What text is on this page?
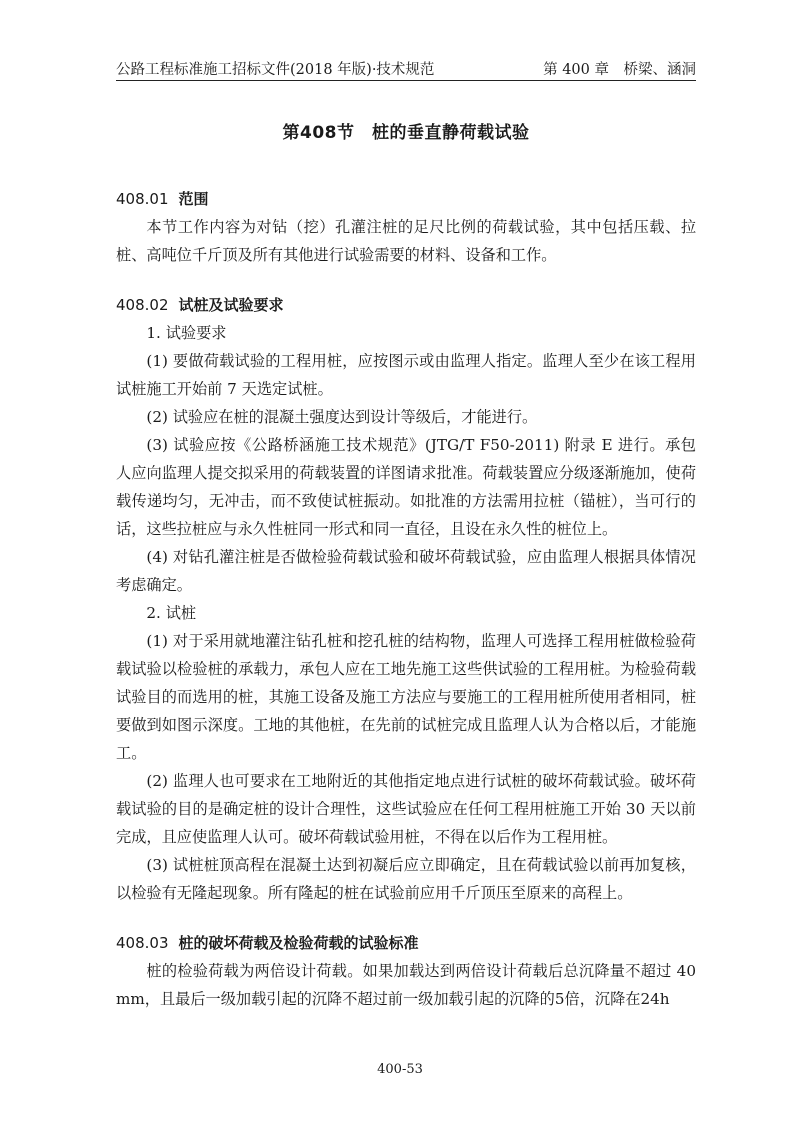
公路工程标准施工招标文件(2018 年版)·技术规范	第 400 章　桥梁、涵洞
第408节　桩的垂直静荷载试验
408.01 范围

本节工作内容为对钻（挖）孔灌注桩的足尺比例的荷载试验，其中包括压载、拉桩、高吨位千斤顶及所有其他进行试验需要的材料、设备和工作。

408.02 试桩及试验要求

1. 试验要求

(1) 要做荷载试验的工程用桩，应按图示或由监理人指定。监理人至少在该工程用试桩施工开始前 7 天选定试桩。

(2) 试验应在桩的混凝土强度达到设计等级后，才能进行。

(3) 试验应按《公路桥涵施工技术规范》(JTG/T F50-2011) 附录 E 进行。承包人应向监理人提交拟采用的荷载装置的详图请求批准。荷载装置应分级逐渐施加，使荷载传递均匀，无冲击，而不致使试桩振动。如批准的方法需用拉桩（锚桩），当可行的话，这些拉桩应与永久性桩同一形式和同一直径，且设在永久性的桩位上。

(4) 对钻孔灌注桩是否做检验荷载试验和破坏荷载试验，应由监理人根据具体情况考虑确定。

2. 试桩

(1) 对于采用就地灌注钻孔桩和挖孔桩的结构物，监理人可选择工程用桩做检验荷载试验以检验桩的承载力，承包人应在工地先施工这些供试验的工程用桩。为检验荷载试验目的而选用的桩，其施工设备及施工方法应与要施工的工程用桩所使用者相同，桩要做到如图示深度。工地的其他桩，在先前的试桩完成且监理人认为合格以后，才能施工。

(2) 监理人也可要求在工地附近的其他指定地点进行试桩的破坏荷载试验。破坏荷载试验的目的是确定桩的设计合理性，这些试验应在任何工程用桩施工开始 30 天以前完成，且应使监理人认可。破坏荷载试验用桩，不得在以后作为工程用桩。

(3) 试桩桩顶高程在混凝土达到初凝后应立即确定，且在荷载试验以前再加复核，以检验有无隆起现象。所有隆起的桩在试验前应用千斤顶压至原来的高程上。

408.03 桩的破坏荷载及检验荷载的试验标准

桩的检验荷载为两倍设计荷载。如果加载达到两倍设计荷载后总沉降量不超过 40mm，且最后一级加载引起的沉降不超过前一级加载引起的沉降的5倍，沉降在24h

400-53
